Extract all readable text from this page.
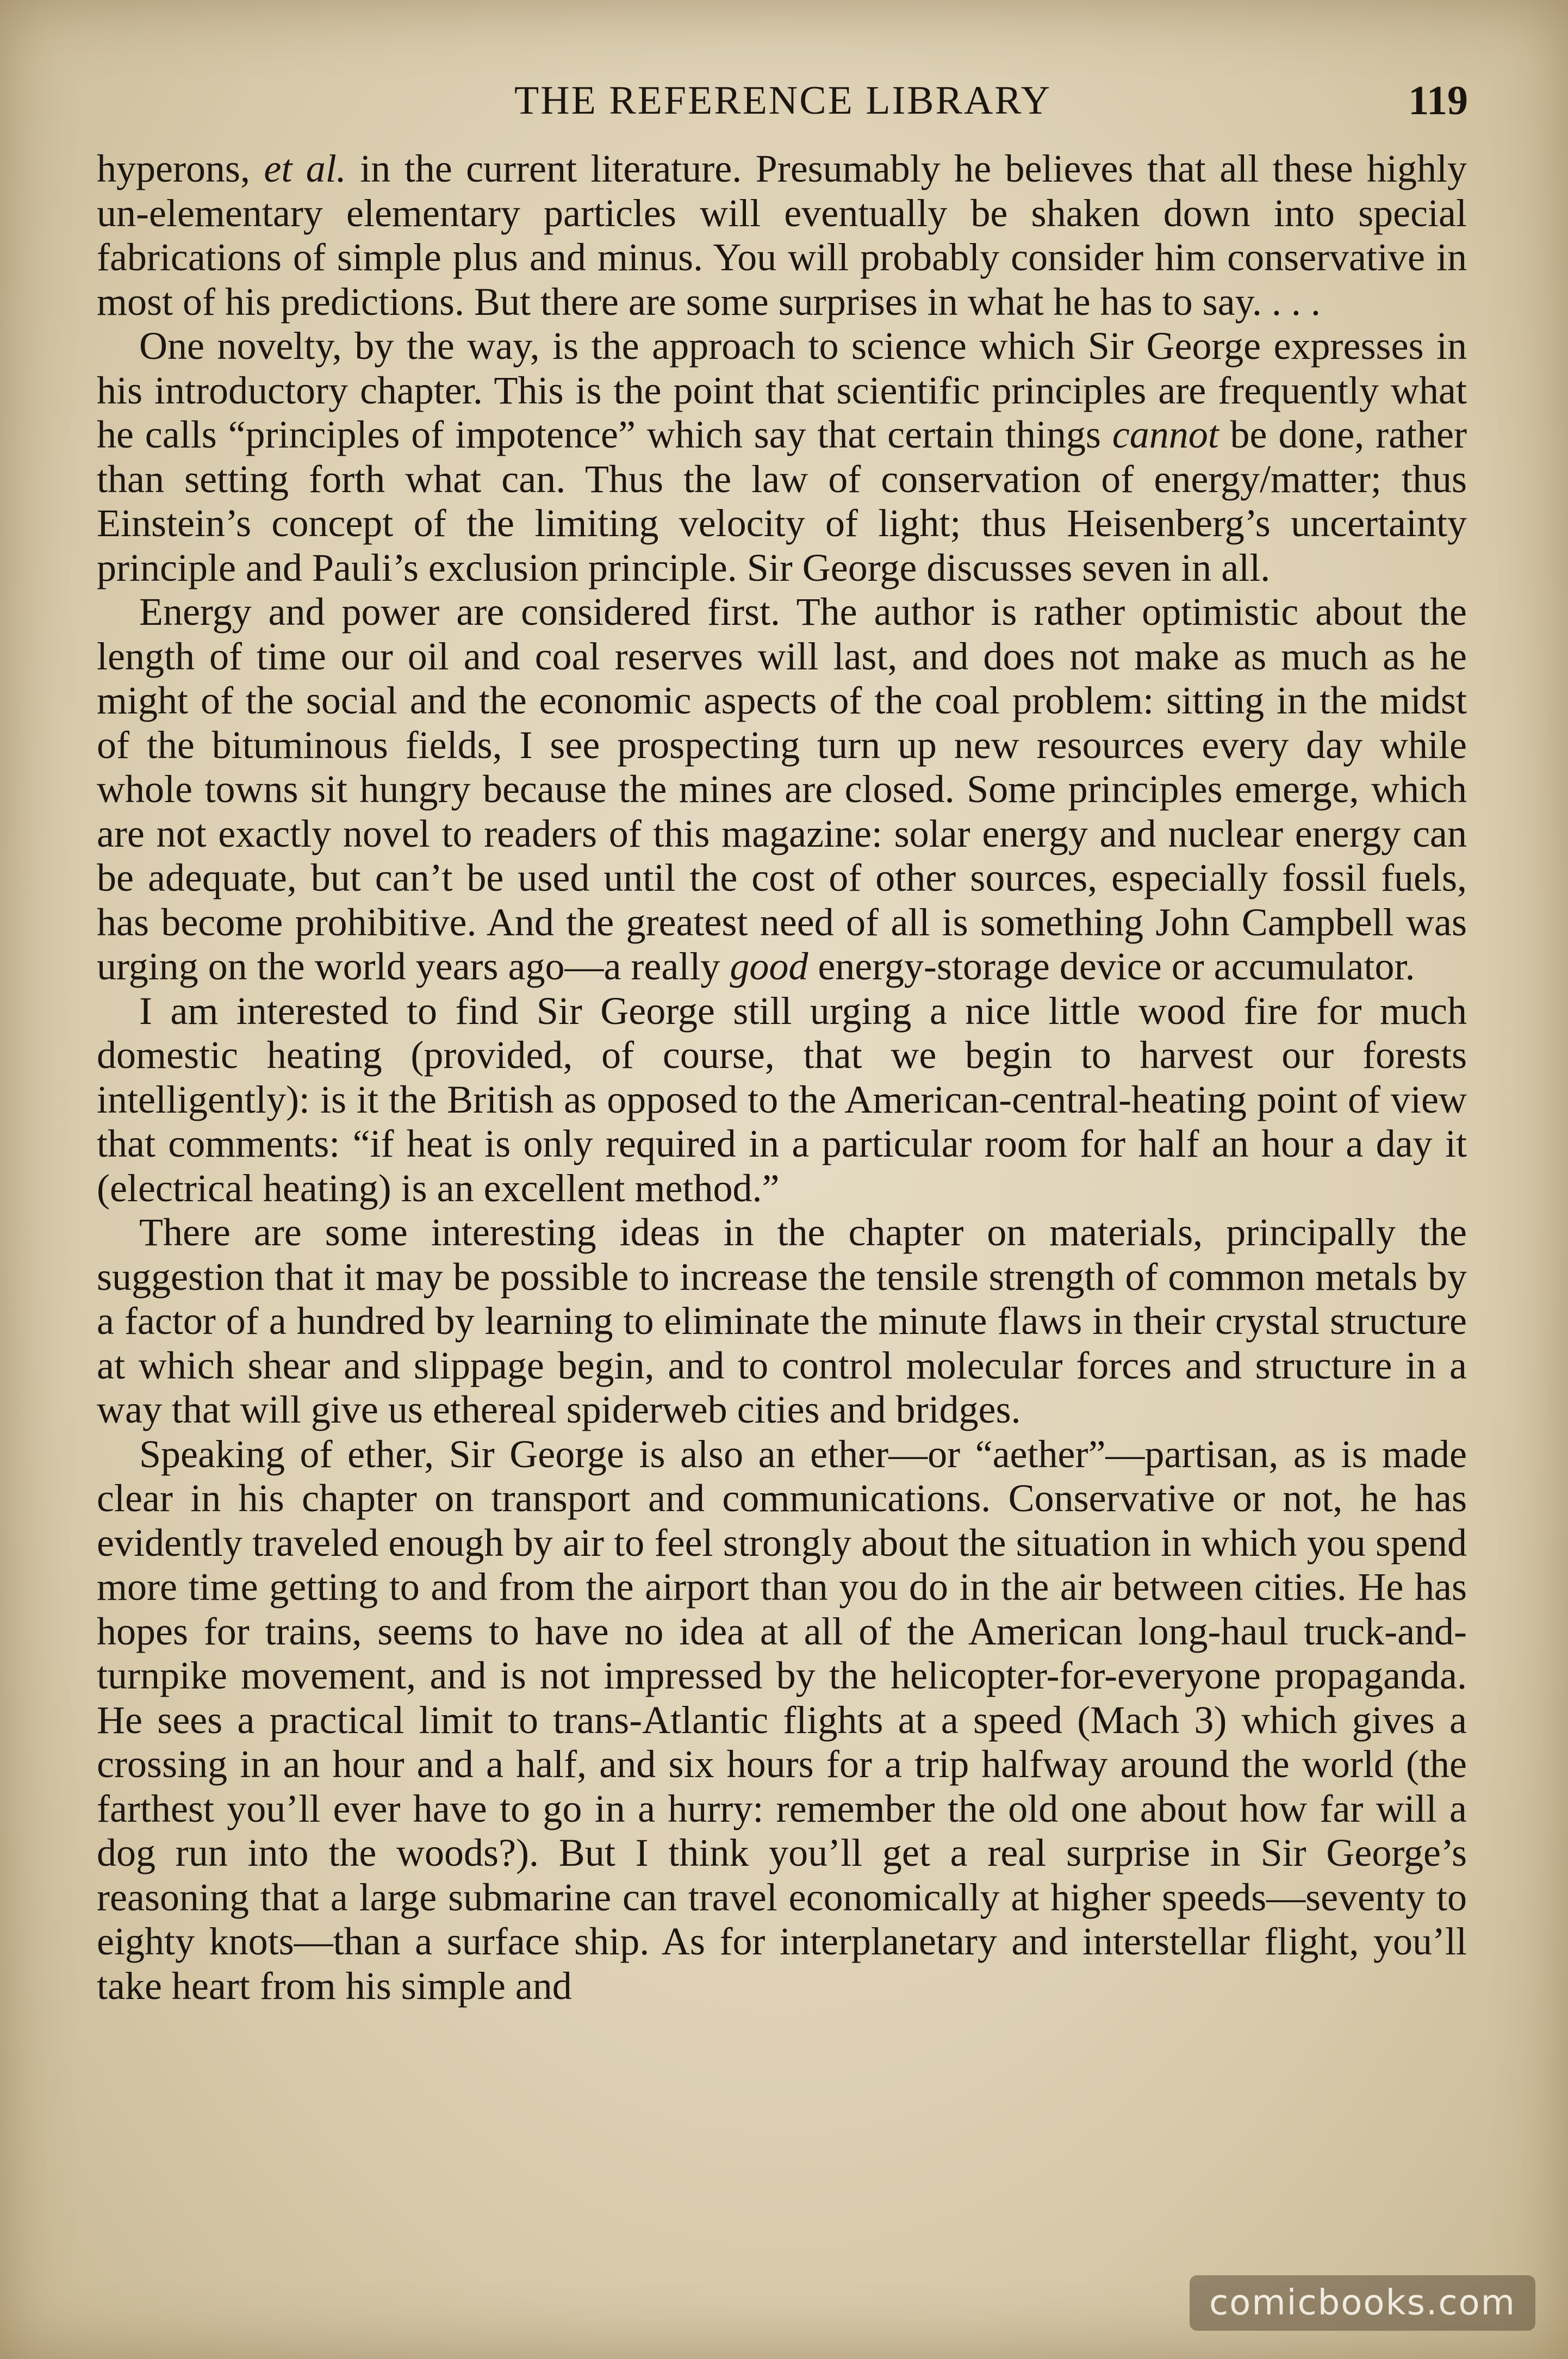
THE REFERENCE LIBRARY	119

hyperons, et al. in the current literature. Presumably he believes that all these highly un-elementary elementary particles will eventually be shaken down into special fabrications of simple plus and minus. You will probably consider him conservative in most of his predictions. But there are some surprises in what he has to say. . . .

One novelty, by the way, is the approach to science which Sir George expresses in his introductory chapter. This is the point that scientific principles are frequently what he calls “principles of impotence” which say that certain things cannot be done, rather than setting forth what can. Thus the law of conservation of energy/matter; thus Einstein’s concept of the limiting velocity of light; thus Heisenberg’s uncertainty principle and Pauli’s exclusion principle. Sir George discusses seven in all.

Energy and power are considered first. The author is rather optimistic about the length of time our oil and coal reserves will last, and does not make as much as he might of the social and the economic aspects of the coal problem: sitting in the midst of the bituminous fields, I see prospecting turn up new resources every day while whole towns sit hungry because the mines are closed. Some principles emerge, which are not exactly novel to readers of this magazine: solar energy and nuclear energy can be adequate, but can’t be used until the cost of other sources, especially fossil fuels, has become prohibitive. And the greatest need of all is something John Campbell was urging on the world years ago—a really good energy-storage device or accumulator.

I am interested to find Sir George still urging a nice little wood fire for much domestic heating (provided, of course, that we begin to harvest our forests intelligently): is it the British as opposed to the American-central-heating point of view that comments: “if heat is only required in a particular room for half an hour a day it (electrical heating) is an excellent method.”

There are some interesting ideas in the chapter on materials, principally the suggestion that it may be possible to increase the tensile strength of common metals by a factor of a hundred by learning to eliminate the minute flaws in their crystal structure at which shear and slippage begin, and to control molecular forces and structure in a way that will give us ethereal spiderweb cities and bridges.

Speaking of ether, Sir George is also an ether—or “aether”—partisan, as is made clear in his chapter on transport and communications. Conservative or not, he has evidently traveled enough by air to feel strongly about the situation in which you spend more time getting to and from the airport than you do in the air between cities. He has hopes for trains, seems to have no idea at all of the American long-haul truck-and-turnpike movement, and is not impressed by the helicopter-for-everyone propaganda. He sees a practical limit to trans-Atlantic flights at a speed (Mach 3) which gives a crossing in an hour and a half, and six hours for a trip halfway around the world (the farthest you’ll ever have to go in a hurry: remember the old one about how far will a dog run into the woods?). But I think you’ll get a real surprise in Sir George’s reasoning that a large submarine can travel economically at higher speeds—seventy to eighty knots—than a surface ship. As for interplanetary and interstellar flight, you’ll take heart from his simple and

comicbooks.com
